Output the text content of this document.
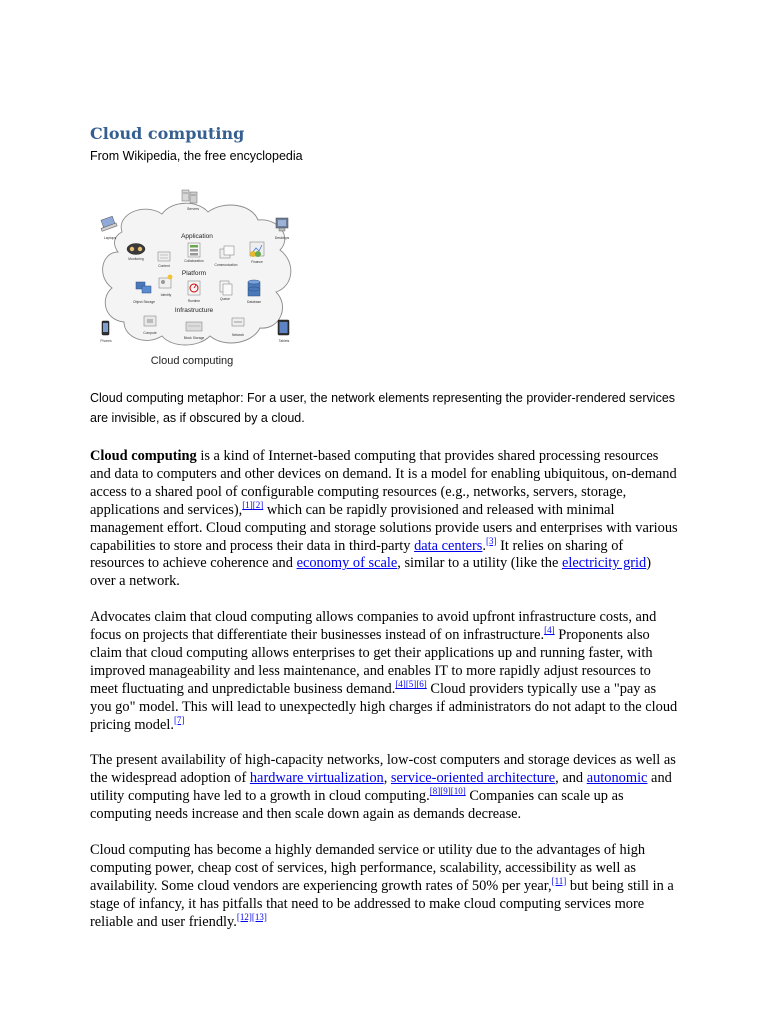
Cloud computing
From Wikipedia, the free encyclopedia
Servers
Laptops	Desktops
Application
Monitoring
Content
Collaboration
Communication
Finance
Platform
Object Storage
Identity
Runtime	Queue
Database
Infrastructure
Compute
Block Storage
Network
Phones	Tablets
Cloud computing
Cloud computing metaphor: For a user, the network elements representing the provider-rendered services are invisible, as if obscured by a cloud.

Cloud computing is a kind of Internet-based computing that provides shared processing resources and data to computers and other devices on demand. It is a model for enabling ubiquitous, on-demand access to a shared pool of configurable computing resources (e.g., networks, servers, storage, applications and services),[1][2] which can be rapidly provisioned and released with minimal management effort. Cloud computing and storage solutions provide users and enterprises with various capabilities to store and process their data in third-party data centers.[3] It relies on sharing of resources to achieve coherence and economy of scale, similar to a utility (like the electricity grid) over a network.

Advocates claim that cloud computing allows companies to avoid upfront infrastructure costs, and focus on projects that differentiate their businesses instead of on infrastructure.[4] Proponents also claim that cloud computing allows enterprises to get their applications up and running faster, with improved manageability and less maintenance, and enables IT to more rapidly adjust resources to meet fluctuating and unpredictable business demand.[4][5][6] Cloud providers typically use a "pay as you go" model. This will lead to unexpectedly high charges if administrators do not adapt to the cloud pricing model.[7]

The present availability of high-capacity networks, low-cost computers and storage devices as well as the widespread adoption of hardware virtualization, service-oriented architecture, and autonomic and utility computing have led to a growth in cloud computing.[8][9][10] Companies can scale up as computing needs increase and then scale down again as demands decrease.

Cloud computing has become a highly demanded service or utility due to the advantages of high computing power, cheap cost of services, high performance, scalability, accessibility as well as availability. Some cloud vendors are experiencing growth rates of 50% per year,[11] but being still in a stage of infancy, it has pitfalls that need to be addressed to make cloud computing services more reliable and user friendly.[12][13]
